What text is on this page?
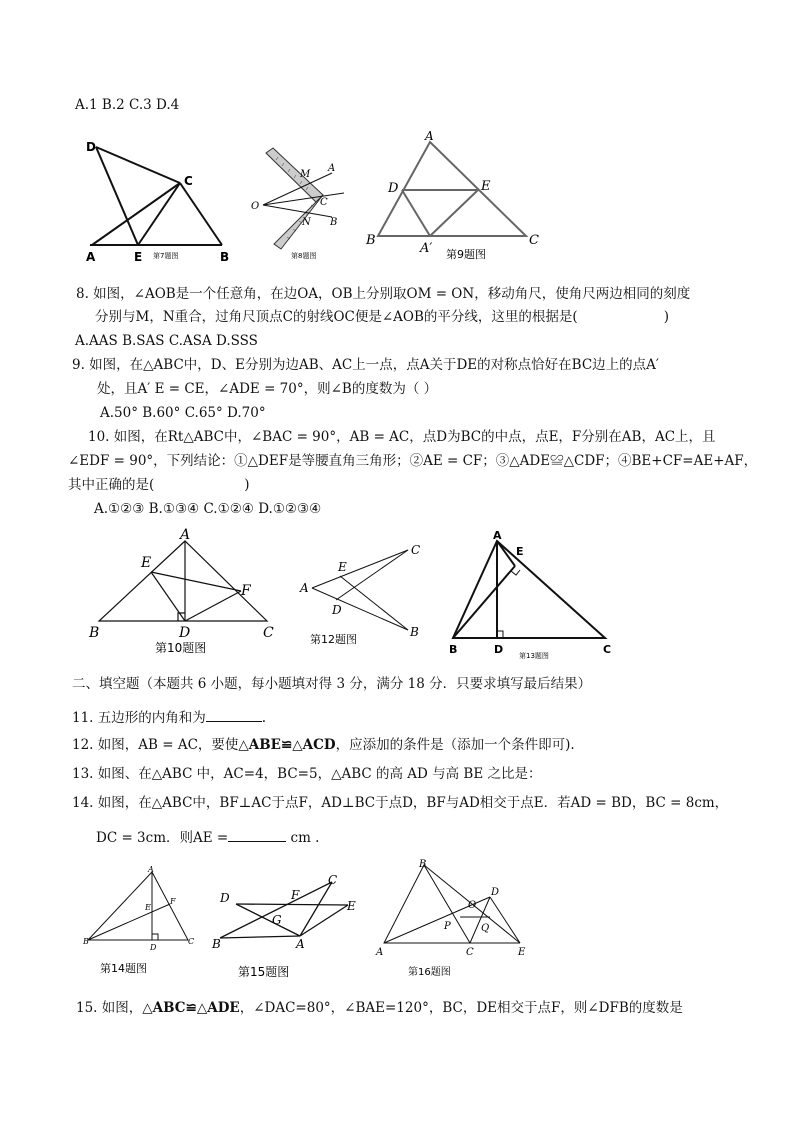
A.1 B.2 C.3 D.4
D
C
A	E	B
第7题图
M
A
O	C
N B
第8题图
A
D	E
B
A′
C
第9题图
8. 如图，∠AOB是一个任意角，在边OA，OB上分别取OM = ON，移动角尺，使角尺两边相同的刻度
分别与M，N重合，过角尺顶点C的射线OC便是∠AOB的平分线，这里的根据是(	)
A.AAS B.SAS C.ASA D.SSS
9. 如图，在△ABC中，D、E分别为边AB、AC上一点，点A关于DE的对称点恰好在BC边上的点A′
处，且A′ E = CE，∠ADE = 70°，则∠B的度数为（ ）
A.50° B.60° C.65° D.70°
10. 如图，在Rt△ABC中，∠BAC = 90°，AB = AC，点D为BC的中点，点E，F分别在AB，AC上，且
∠EDF = 90°，下列结论：①△DEF是等腰直角三角形；②AE = CF；③△ADE≌△CDF；④BE+CF=AE+AF，
其中正确的是(	)
A.①②③ B.①③④ C.①②④ D.①②③④
A
E
F
B	D	C
第10题图
C
E
A
D
B
第12题图
A
E
B	D	C
第13题图
二、填空题（本题共 6 小题，每小题填对得 3 分，满分 18 分．只要求填写最后结果）
11. 五边形的内角和为	.
12. 如图，AB = AC，要使△ABE≌△ACD，应添加的条件是（添加一个条件即可).
13. 如图、在△ABC 中，AC=4，BC=5，△ABC 的高 AD 与高 BE 之比是：
14. 如图，在△ABC中，BF⊥AC于点F，AD⊥BC于点D，BF与AD相交于点E．若AD = BD，BC = 8cm，
DC = 3cm．则AE =	cm .
A
E
F
B
D
C
第14题图
D	F
C
E
G
B	A
第15题图
B
D
O
P	Q
A	C	E
第16题图
15. 如图，△ABC≌△ADE，∠DAC=80°，∠BAE=120°，BC，DE相交于点F，则∠DFB的度数是
